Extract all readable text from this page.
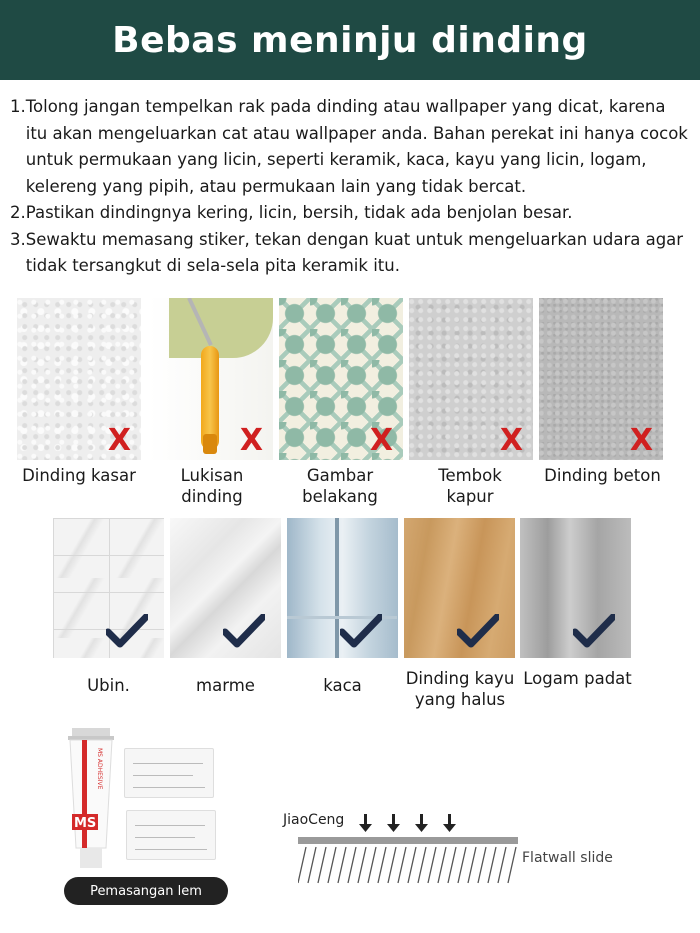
Bebas meninju dinding
1. Tolong jangan tempelkan rak pada dinding atau wallpaper yang dicat, karena itu akan mengeluarkan cat atau wallpaper anda. Bahan perekat ini hanya cocok untuk permukaan yang licin, seperti keramik, kaca, kayu yang licin, logam, kelereng yang pipih, atau permukaan lain yang tidak bercat.
2. Pastikan dindingnya kering, licin, bersih, tidak ada benjolan besar.
3. Sewaktu memasang stiker, tekan dengan kuat untuk mengeluarkan udara agar tidak tersangkut di sela-sela pita keramik itu.
X
Dinding kasar
X
Lukisan dinding
X
Gambar belakang
X
Tembok kapur
X
Dinding beton
Ubin.	marme	kaca	Dinding kayu yang halus
Logam padat
MS ADHESIVE
MS
Pemasangan lem
JiaoCeng
Flatwall slide
